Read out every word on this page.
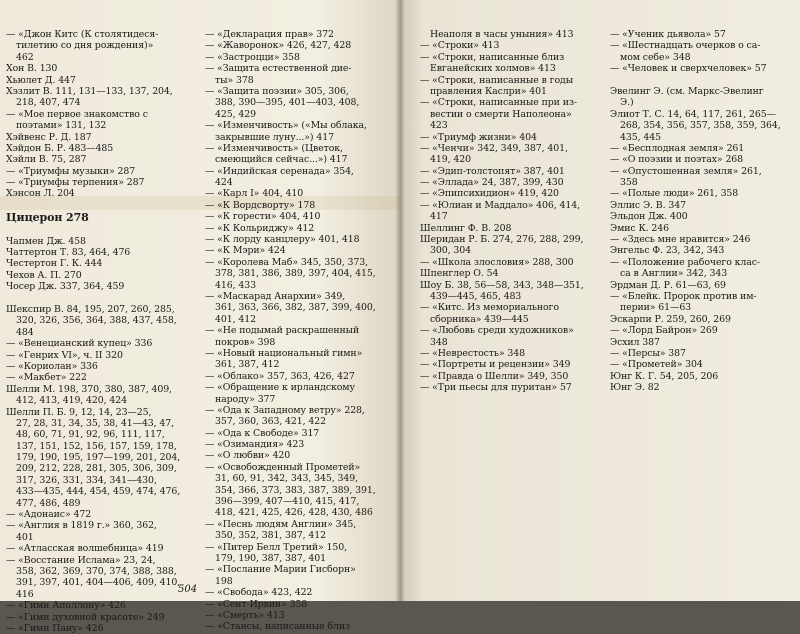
— «Джон Китс (К столятидеся-
тилетию со дня рождения)»
462
Хон В. 130
Хьюлет Д. 447
Хэзлит В. 111, 131—133, 137, 204,
218, 407, 474
— «Мое первое знакомство с
поэтами» 131, 132
Хэйвенс Р. Д. 187
Хэйдон Б. Р. 483—485
Хэйли В. 75, 287
— «Триумфы музыки» 287
— «Триумфы терпения» 287
Хэнсон Л. 204
Цицерон 278
Чапмен Дж. 458
Чаттертон Т. 83, 464, 476
Честертон Г. К. 444
Чехов А. П. 270
Чосер Дж. 337, 364, 459
Шекспир В. 84, 195, 207, 260, 285,
320, 326, 356, 364, 388, 437, 458,
484
— «Венецианский купец» 336
— «Генрих VI», ч. II 320
— «Кориолан» 336
— «Макбет» 222
Шелли М. 198, 370, 380, 387, 409,
412, 413, 419, 420, 424
Шелли П. Б. 9, 12, 14, 23—25,
27, 28, 31, 34, 35, 38, 41—43, 47,
48, 60, 71, 91, 92, 96, 111, 117,
137, 151, 152, 156, 157, 159, 178,
179, 190, 195, 197—199, 201, 204,
209, 212, 228, 281, 305, 306, 309,
317, 326, 331, 334, 341—430,
433—435, 444, 454, 459, 474, 476,
477, 486, 489
— «Адонаис» 472
— «Англия в 1819 г.» 360, 362,
401
— «Атласская волшебница» 419
— «Восстание Ислама» 23, 24,
358, 362, 369, 370, 374, 388, 388,
391, 397, 401, 404—406, 409, 410,
416
— «Гимн Аполлону» 426
— «Гимн духовной красоте» 249
— «Гимн Пану» 426
— «Декларация прав» 372
— «Жаворонок» 426, 427, 428
— «Застроцци» 358
— «Защита естественной дие-
ты» 378
— «Защита поэзии» 305, 306,
388, 390—395, 401—403, 408,
425, 429
— «Изменчивость» («Мы облака,
закрывшие луну...») 417
— «Изменчивость» (Цветок,
смеющийся сейчас...») 417
— «Индийская серенада» 354,
424
— «Карл I» 404, 410
— «К Вордсворту» 178
— «К горести» 404, 410
— «К Кольриджу» 412
— «К лорду канцлеру» 401, 418
— «К Мэри» 424
— «Королева Маб» 345, 350, 373,
378, 381, 386, 389, 397, 404, 415,
416, 433
— «Маскарад Анархии» 349,
361, 363, 366, 382, 387, 399, 400,
401, 412
— «Не подымай раскрашенный
покров» 398
— «Новый национальный гимн»
361, 387, 412
— «Облако» 357, 363, 426, 427
— «Обращение к ирландскому
народу» 377
— «Ода к Западному ветру» 228,
357, 360, 363, 421, 422
— «Ода к Свободе» 317
— «Озимандия» 423
— «О любви» 420
— «Освобожденный Прометей»
31, 60, 91, 342, 343, 345, 349,
354, 366, 373, 383, 387, 389, 391,
396—399, 407—410, 415, 417,
418, 421, 425, 426, 428, 430, 486
— «Песнь людям Англии» 345,
350, 352, 381, 387, 412
— «Питер Белл Третий» 150,
179, 190, 387, 387, 401
— «Послание Марии Гисборн»
198
— «Свобода» 423, 422
— «Сент-Ирвин» 358
— «Смерть» 413
— «Стансы, написанные близ
504
Неаполя в часы уныния» 413
— «Строки» 413
— «Строки, написанные близ
Евганейских холмов» 413
— «Строки, написанные в годы
правления Каслри» 401
— «Строки, написанные при из-
вестии о смерти Наполеона»
423
— «Триумф жизни» 404
— «Ченчи» 342, 349, 387, 401,
419, 420
— «Эдип-толстопят» 387, 401
— «Эллада» 24, 387, 399, 430
— «Эпипсихидион» 419, 420
— «Юлиан и Маддало» 406, 414,
417
Шеллинг Ф. В. 208
Шеридан Р. Б. 274, 276, 288, 299,
300, 304
— «Школа злословия» 288, 300
Шпенглер О. 54
Шоу Б. 38, 56—58, 343, 348—351,
439—445, 465, 483
— «Китс. Из мемориального
сборника» 439—445
— «Любовь среди художников»
348
— «Неврестость» 348
— «Портреты и рецензии» 349
— «Правда о Шелли» 349, 350
— «Три пьесы для пуритан» 57
— «Ученик дьявола» 57
— «Шестнадцать очерков о са-
мом себе» 348
— «Человек и сверхчеловек» 57
Эвелинг Э. (см. Маркс-Эвелинг
Э.)
Элиот Т. С. 14, 64, 117, 261, 265—
268, 354, 356, 357, 358, 359, 364,
435, 445
— «Бесплодная земля» 261
— «О поэзии и поэтах» 268
— «Опустошенная земля» 261,
358
— «Полые люди» 261, 358
Эллис Э. В. 347
Эльдон Дж. 400
Эмис К. 246
— «Здесь мне нравится» 246
Энгельс Ф. 23, 342, 343
— «Положение рабочего клас-
са в Англии» 342, 343
Эрдман Д. Р. 61—63, 69
— «Блейк. Пророк против им-
перии» 61—63
Эскарпи Р. 259, 260, 269
— «Лорд Байрон» 269
Эсхил 387
— «Персы» 387
— «Прометей» 304
Юнг К. Г. 54, 205, 206
Юнг Э. 82
